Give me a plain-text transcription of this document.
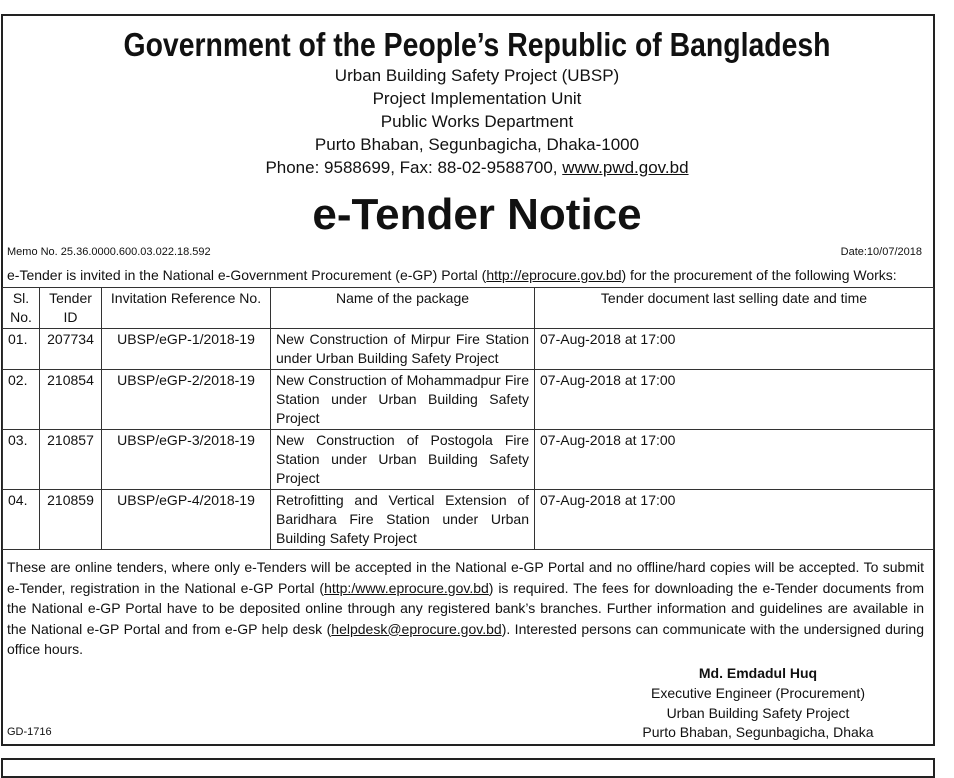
Government of the People’s Republic of Bangladesh
Urban Building Safety Project (UBSP)
Project Implementation Unit
Public Works Department
Purto Bhaban, Segunbagicha, Dhaka-1000
Phone: 9588699, Fax: 88-02-9588700, www.pwd.gov.bd
e-Tender Notice
Memo No. 25.36.0000.600.03.022.18.592	Date:10/07/2018
e-Tender is invited in the National e-Government Procurement (e-GP) Portal (http://eprocure.gov.bd) for the procurement of the following Works:
Sl. No.	Tender ID	Invitation Reference No.	Name of the package	Tender document last selling date and time
01.	207734	UBSP/eGP-1/2018-19	New Construction of Mirpur Fire Station under Urban Building Safety Project	07-Aug-2018 at 17:00
02.	210854	UBSP/eGP-2/2018-19	New Construction of Mohammadpur Fire Station under Urban Building Safety Project	07-Aug-2018 at 17:00
03.	210857	UBSP/eGP-3/2018-19	New Construction of Postogola Fire Station under Urban Building Safety Project	07-Aug-2018 at 17:00
04.	210859	UBSP/eGP-4/2018-19	Retrofitting and Vertical Extension of Baridhara Fire Station under Urban Building Safety Project	07-Aug-2018 at 17:00
These are online tenders, where only e-Tenders will be accepted in the National e-GP Portal and no offline/hard copies will be accepted. To submit e-Tender, registration in the National e-GP Portal (http:/www.eprocure.gov.bd) is required. The fees for downloading the e-Tender documents from the National e-GP Portal have to be deposited online through any registered bank’s branches. Further information and guidelines are available in the National e-GP Portal and from e-GP help desk (helpdesk@eprocure.gov.bd). Interested persons can communicate with the undersigned during office hours.
Md. Emdadul Huq
Executive Engineer (Procurement)
Urban Building Safety Project
Purto Bhaban, Segunbagicha, Dhaka
GD-1716
